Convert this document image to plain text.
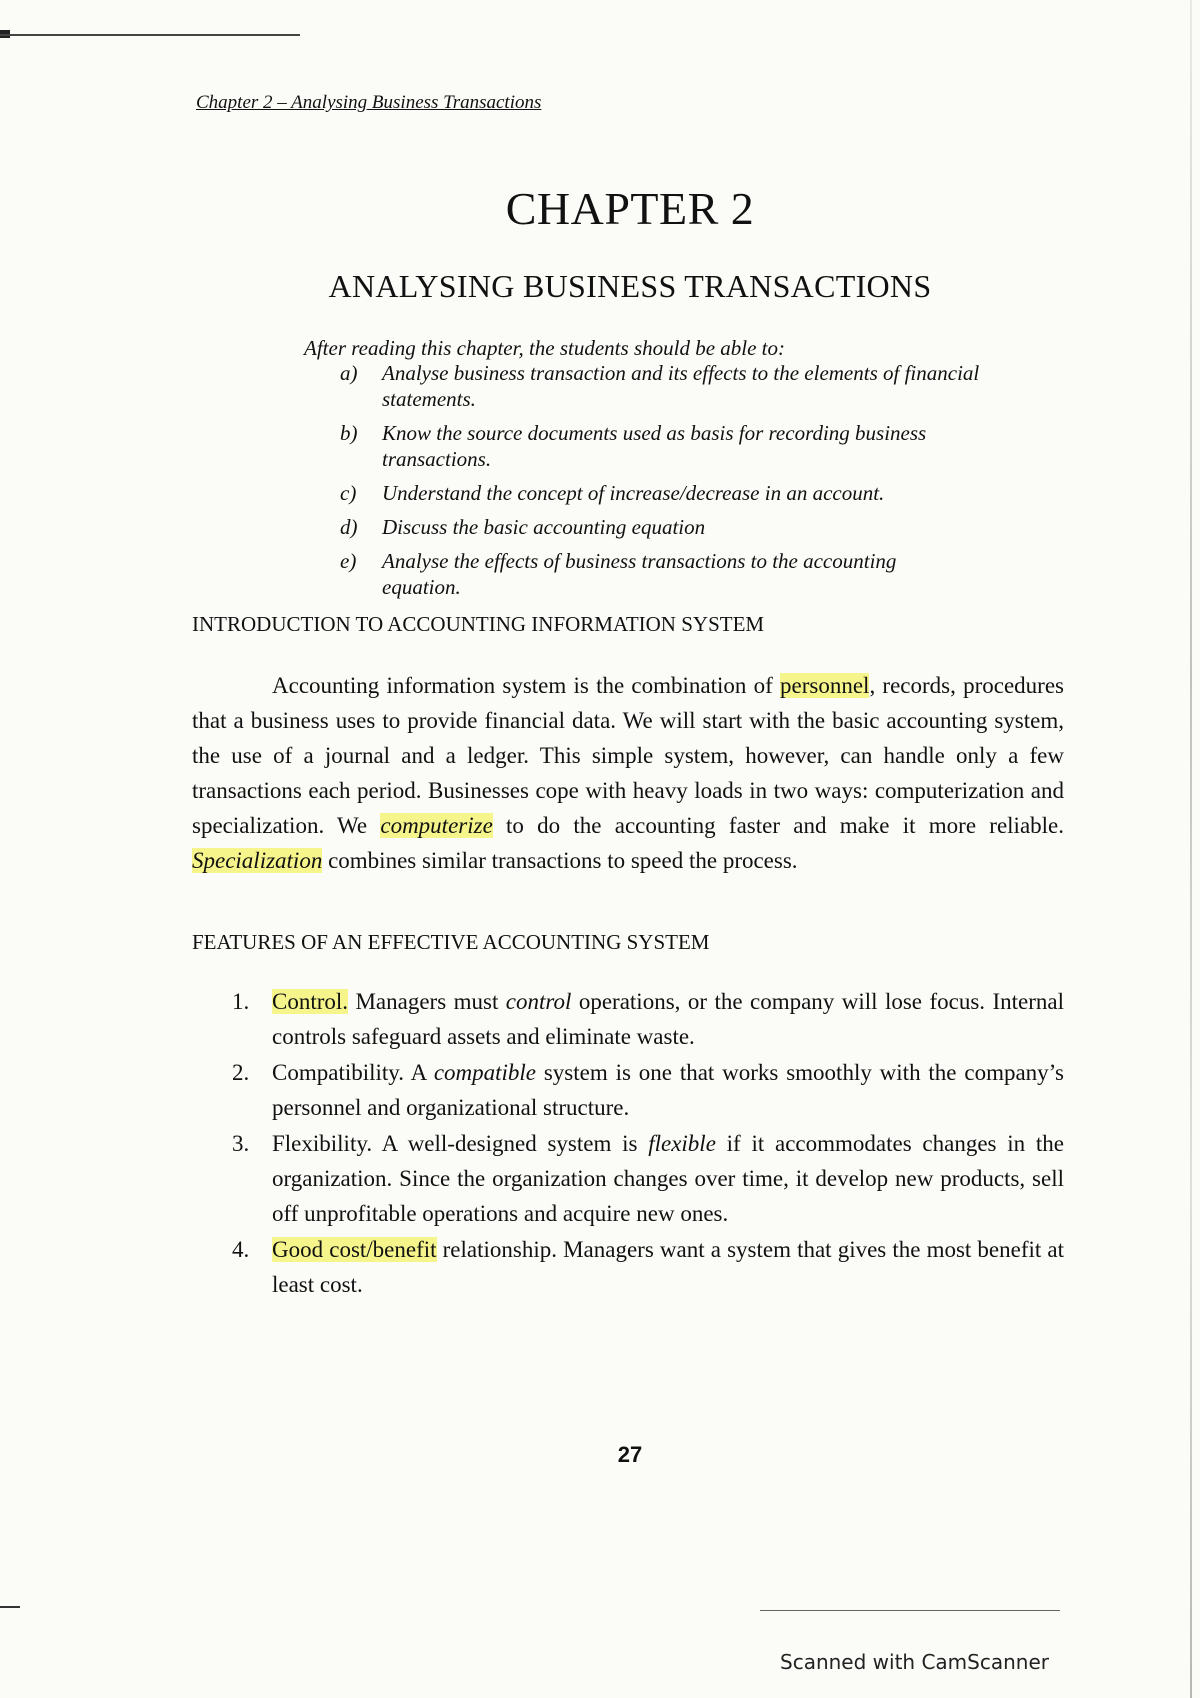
Chapter 2 – Analysing Business Transactions
CHAPTER 2
ANALYSING BUSINESS TRANSACTIONS
After reading this chapter, the students should be able to:
a) Analyse business transaction and its effects to the elements of financial statements.
b) Know the source documents used as basis for recording business transactions.
c) Understand the concept of increase/decrease in an account.
d) Discuss the basic accounting equation
e) Analyse the effects of business transactions to the accounting equation.
INTRODUCTION TO ACCOUNTING INFORMATION SYSTEM

Accounting information system is the combination of personnel, records, procedures that a business uses to provide financial data. We will start with the basic accounting system, the use of a journal and a ledger. This simple system, however, can handle only a few transactions each period. Businesses cope with heavy loads in two ways: computerization and specialization. We computerize to do the accounting faster and make it more reliable. Specialization combines similar transactions to speed the process.

FEATURES OF AN EFFECTIVE ACCOUNTING SYSTEM
1. Control. Managers must control operations, or the company will lose focus. Internal controls safeguard assets and eliminate waste.
2. Compatibility. A compatible system is one that works smoothly with the company’s personnel and organizational structure.
3. Flexibility. A well-designed system is flexible if it accommodates changes in the organization. Since the organization changes over time, it develop new products, sell off unprofitable operations and acquire new ones.
4. Good cost/benefit relationship. Managers want a system that gives the most benefit at least cost.
27
Scanned with CamScanner
